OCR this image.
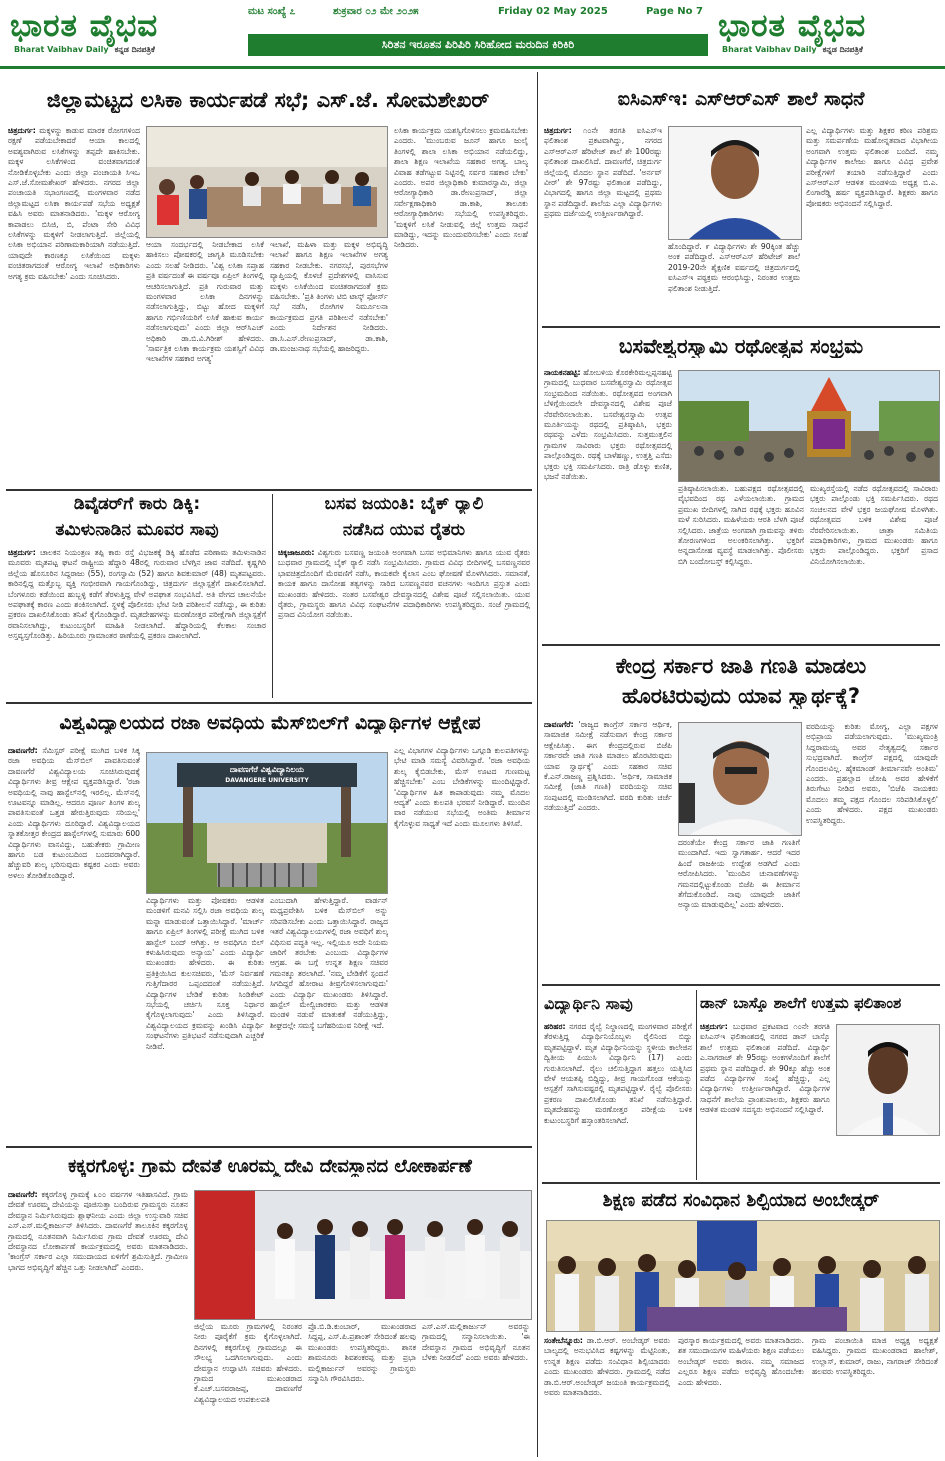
ಭಾರತ ವೈಭವ
Bharat Vaibhav Daily ಕನ್ನಡ ದಿನಪತ್ರಿಕೆ
ಮಟ ಸಂಖ್ಯೆ ೭	ಶುಕ್ರವಾರ ೦೨ ಮೇ ೨೦೨೫	Friday 02 May 2025	Page No 7
ಸಿರಿತನ ಇರೂತನ ಪಿರಿಪಿರಿ ಸಿರಿಹೋದ ಮರುದಿನ ಕಿರಿಕಿರಿ
ಭಾರತ ವೈಭವ
Bharat Vaibhav Daily ಕನ್ನಡ ದಿನಪತ್ರಿಕೆ
ಜಿಲ್ಲಾಮಟ್ಟದ ಲಸಿಕಾ ಕಾರ್ಯಪಡೆ ಸಭೆ; ಎಸ್.ಜೆ. ಸೋಮಶೇಖರ್
ಚಿತ್ರದುರ್ಗ: ಮಕ್ಕಳನ್ನು ಕಾಡುವ ಮಾರಕ ರೋಗಗಳಿಂದ ರಕ್ಷಣೆ ಪಡೆಯಬೇಕಾದರೆ ಆಯಾ ಕಾಲದಲ್ಲಿ ಅವಶ್ಯವಾಗಿರುವ ಲಸಿಕೆಗಳನ್ನು ತಪ್ಪದೇ ಹಾಕಿಸಬೇಕು. ಮಕ್ಕಳ ಲಸಿಕೆಗಳಿಂದ ವಂಚಿತವಾಗದಂತೆ ನೋಡಿಕೊಳ್ಳಬೇಕು ಎಂದು ಜಿಲ್ಲಾ ಪಂಚಾಯತಿ ಸಿಇಒ ಎಸ್.ಜೆ.ಸೋಮಶೇಖರ್ ಹೇಳಿದರು. ನಗರದ ಜಿಲ್ಲಾ ಪಂಚಾಯತಿ ಸಭಾಂಗಣದಲ್ಲಿ ಮಂಗಳವಾರ ನಡೆದ ಜಿಲ್ಲಾಮಟ್ಟದ ಲಸಿಕಾ ಕಾರ್ಯಪಡೆ ಸಭೆಯ ಅಧ್ಯಕ್ಷತೆ ವಹಿಸಿ ಅವರು ಮಾತನಾಡಿದರು. 'ಮಕ್ಕಳ ಆರೋಗ್ಯ ಕಾಪಾಡಲು ಬಿಸಿಜಿ, ಬಿ, ಪೆಂಟಾ ಸೇರಿ ವಿವಿಧ ಲಸಿಕೆಗಳನ್ನು ಮಕ್ಕಳಿಗೆ ನೀಡಲಾಗುತ್ತಿದೆ. ಜಿಲ್ಲೆಯಲ್ಲಿ ಲಸಿಕಾ ಅಭಿಯಾನ ಪರಿಣಾಮಕಾರಿಯಾಗಿ ನಡೆಯುತ್ತಿದೆ. ಯಾವುದೇ ಕಾರಣಕ್ಕೂ ಲಸಿಕೆಯಿಂದ ಮಕ್ಕಳು ವಂಚಿತರಾಗದಂತೆ ಆರೋಗ್ಯ ಇಲಾಖೆ ಅಧಿಕಾರಿಗಳು ಅಗತ್ಯ ಕ್ರಮ ವಹಿಸಬೇಕು' ಎಂದು ಸೂಚಿಸಿದರು.
ಆಯಾ ಸಂದರ್ಭದಲ್ಲಿ ನೀಡಬೇಕಾದ ಲಸಿಕೆ ಹಾಕಿಸಲು ಪೋಷಕರಲ್ಲಿ ಜಾಗೃತಿ ಮೂಡಿಸಬೇಕು ಎಂದು ಸಲಹೆ ನೀಡಿದರು. 'ವಿಶ್ವ ಲಸಿಕಾ ಸಪ್ತಾಹ ಪ್ರತಿ ವರ್ಷದಂತೆ ಈ ವರ್ಷವೂ ಏಪ್ರಿಲ್ ತಿಂಗಳಲ್ಲಿ ಆಚರಿಸಲಾಗುತ್ತಿದೆ. ಪ್ರತಿ ಗುರುವಾರ ಮತ್ತು ಮಂಗಳವಾರ ಲಸಿಕಾ ದಿನಗಳನ್ನು ನಡೆಸಲಾಗುತ್ತಿದ್ದು, ಬಿಟ್ಟು ಹೋದ ಮಕ್ಕಳಿಗೆ ಹಾಗೂ ಗರ್ಭಿಣಿಯರಿಗೆ ಲಸಿಕೆ ಹಾಕುವ ಕಾರ್ಯ ನಡೆಸಲಾಗುವುದು' ಎಂದು ಜಿಲ್ಲಾ ಆರ್‌ಸಿಎಚ್ ಅಧಿಕಾರಿ ಡಾ.ಬಿ.ವಿ.ಗಿರೀಶ್ ಹೇಳಿದರು. 'ಸಾರ್ವತ್ರಿಕ ಲಸಿಕಾ ಕಾರ್ಯಕ್ರಮ ಯಶಸ್ವಿಗೆ ವಿವಿಧ ಇಲಾಖೆಗಳ ಸಹಕಾರ ಅಗತ್ಯ'
ಇಲಾಖೆ, ಮಹಿಳಾ ಮತ್ತು ಮಕ್ಕಳ ಅಭಿವೃದ್ಧಿ ಇಲಾಖೆ ಹಾಗೂ ಶಿಕ್ಷಣ ಇಲಾಖೆಗಳ ಅಗತ್ಯ ಸಹಕಾರ ನೀಡಬೇಕು. ನಗರಸಭೆ, ಪುರಸಭೆಗಳ ವ್ಯಾಪ್ತಿಯಲ್ಲಿ ಕೊಳಚೆ ಪ್ರದೇಶಗಳಲ್ಲಿ ವಾಸಿಸುವ ಮಕ್ಕಳು ಲಸಿಕೆಯಿಂದ ವಂಚಿತರಾಗದಂತೆ ಕ್ರಮ ವಹಿಸಬೇಕು. 'ಪ್ರತಿ ತಿಂಗಳು ಟಿಬಿ ಟಾಸ್ಕ್ ಫೋರ್ಸ್ ಸಭೆ ನಡೆಸಿ, ರೋಗಿಗಳ ನಿರ್ಮೂಲನಾ ಕಾರ್ಯಕ್ರಮದ ಪ್ರಗತಿ ಪರಿಶೀಲನೆ ನಡೆಸಬೇಕು' ಎಂದು ನಿರ್ದೇಶನ ನೀಡಿದರು. ಡಾ.ಸಿ.ಎಸ್.ರೇಣುಪ್ರಸಾದ್, ಡಾ.ಕಾಶಿ, ಡಾ.ಮಂಜುನಾಥ ಸಭೆಯಲ್ಲಿ ಹಾಜರಿದ್ದರು.
ಲಸಿಕಾ ಕಾರ್ಯಕ್ರಮ ಯಶಸ್ವಿಗೊಳಿಸಲು ಕ್ರಮವಹಿಸಬೇಕು ಎಂದರು. 'ಮುಂಬರುವ ಜೂನ್ ಹಾಗೂ ಜುಲೈ ತಿಂಗಳಲ್ಲಿ ಶಾಲಾ ಲಸಿಕಾ ಅಭಿಯಾನ ನಡೆಯಲಿದ್ದು, ಶಾಲಾ ಶಿಕ್ಷಣ ಇಲಾಖೆಯ ಸಹಕಾರ ಅಗತ್ಯ. ಬಾಲ್ಯ ವಿವಾಹ ತಡೆಗಟ್ಟುವ ನಿಟ್ಟಿನಲ್ಲಿ ಸರ್ವರ ಸಹಕಾರ ಬೇಕು' ಎಂದರು. ಅಪರ ಜಿಲ್ಲಾಧಿಕಾರಿ ಕುಮಾರಸ್ವಾಮಿ, ಜಿಲ್ಲಾ ಆರೋಗ್ಯಾಧಿಕಾರಿ ಡಾ.ರೇಣುಪ್ರಸಾದ್, ಜಿಲ್ಲಾ ಸರ್ವೇಕ್ಷಣಾಧಿಕಾರಿ ಡಾ.ಕಾಶಿ, ತಾಲೂಕು ಆರೋಗ್ಯಾಧಿಕಾರಿಗಳು ಸಭೆಯಲ್ಲಿ ಉಪಸ್ಥಿತರಿದ್ದರು. 'ಮಕ್ಕಳಿಗೆ ಲಸಿಕೆ ನೀಡುವಲ್ಲಿ ಜಿಲ್ಲೆ ಉತ್ತಮ ಸಾಧನೆ ಮಾಡಿದ್ದು, ಇದನ್ನು ಮುಂದುವರಿಸಬೇಕು' ಎಂದು ಸಲಹೆ ನೀಡಿದರು.
ಡಿವೈಡರ್‌ಗೆ ಕಾರು ಡಿಕ್ಕಿ:
ತಮಿಳುನಾಡಿನ ಮೂವರ ಸಾವು
ಚಿತ್ರದುರ್ಗ: ಚಾಲಕನ ನಿಯಂತ್ರಣ ತಪ್ಪಿ ಕಾರು ರಸ್ತೆ ವಿಭಜಕಕ್ಕೆ ಡಿಕ್ಕಿ ಹೊಡೆದ ಪರಿಣಾಮ ತಮಿಳುನಾಡಿನ ಮೂವರು ಮೃತಪಟ್ಟ ಘಟನೆ ರಾಷ್ಟ್ರೀಯ ಹೆದ್ದಾರಿ 48ರಲ್ಲಿ ಗುರುವಾರ ಬೆಳಗ್ಗಿನ ಜಾವ ನಡೆದಿದೆ. ಕೃಷ್ಣಗಿರಿ ಜಿಲ್ಲೆಯ ಹೊಸೂರಿನ ಸಿದ್ದರಾಜು (55), ರಂಗಸ್ವಾಮಿ (52) ಹಾಗೂ ಶಿವಕುಮಾರ್ (48) ಮೃತಪಟ್ಟವರು. ಕಾರಿನಲ್ಲಿದ್ದ ಮತ್ತೊಬ್ಬ ವ್ಯಕ್ತಿ ಗಂಭೀರವಾಗಿ ಗಾಯಗೊಂಡಿದ್ದು, ಚಿತ್ರದುರ್ಗ ಜಿಲ್ಲಾಸ್ಪತ್ರೆಗೆ ದಾಖಲಿಸಲಾಗಿದೆ. ಬೆಂಗಳೂರು ಕಡೆಯಿಂದ ಹುಬ್ಬಳ್ಳಿ ಕಡೆಗೆ ತೆರಳುತ್ತಿದ್ದ ವೇಳೆ ಅಪಘಾತ ಸಂಭವಿಸಿದೆ. ಅತಿ ವೇಗದ ಚಾಲನೆಯೇ ಅಪಘಾತಕ್ಕೆ ಕಾರಣ ಎಂದು ಶಂಕಿಸಲಾಗಿದೆ. ಸ್ಥಳಕ್ಕೆ ಪೊಲೀಸರು ಭೇಟಿ ನೀಡಿ ಪರಿಶೀಲನೆ ನಡೆಸಿದ್ದು, ಈ ಕುರಿತು ಪ್ರಕರಣ ದಾಖಲಿಸಿಕೊಂಡು ತನಿಖೆ ಕೈಗೊಂಡಿದ್ದಾರೆ. ಮೃತದೇಹಗಳನ್ನು ಮರಣೋತ್ತರ ಪರೀಕ್ಷೆಗಾಗಿ ಜಿಲ್ಲಾಸ್ಪತ್ರೆಗೆ ರವಾನಿಸಲಾಗಿದ್ದು, ಕುಟುಂಬಸ್ಥರಿಗೆ ಮಾಹಿತಿ ನೀಡಲಾಗಿದೆ. ಹೆದ್ದಾರಿಯಲ್ಲಿ ಕೆಲಕಾಲ ಸಂಚಾರ ಅಸ್ತವ್ಯಸ್ತಗೊಂಡಿತ್ತು. ಹಿರಿಯೂರು ಗ್ರಾಮಾಂತರ ಠಾಣೆಯಲ್ಲಿ ಪ್ರಕರಣ ದಾಖಲಾಗಿದೆ.
ಬಸವ ಜಯಂತಿ: ಬೈಕ್ ರ್‍ಯಾಲಿ
ನಡೆಸಿದ ಯುವ ರೈತರು
ಚಿಕ್ಕಜಾಜೂರು: ವಿಶ್ವಗುರು ಬಸವಣ್ಣ ಜಯಂತಿ ಅಂಗವಾಗಿ ಬಸವ ಅಭಿಮಾನಿಗಳು ಹಾಗೂ ಯುವ ರೈತರು ಬುಧವಾರ ಗ್ರಾಮದಲ್ಲಿ ಬೈಕ್ ರ್‍ಯಾಲಿ ನಡೆಸಿ ಸಂಭ್ರಮಿಸಿದರು. ಗ್ರಾಮದ ವಿವಿಧ ಬೀದಿಗಳಲ್ಲಿ ಬಸವಣ್ಣನವರ ಭಾವಚಿತ್ರದೊಂದಿಗೆ ಮೆರವಣಿಗೆ ನಡೆಸಿ, ಕಾಯಕವೇ ಕೈಲಾಸ ಎಂಬ ಘೋಷಣೆ ಮೊಳಗಿಸಿದರು. ಸಮಾನತೆ, ಕಾಯಕ ಹಾಗೂ ದಾಸೋಹ ತತ್ವಗಳನ್ನು ಸಾರಿದ ಬಸವಣ್ಣನವರ ವಚನಗಳು ಇಂದಿಗೂ ಪ್ರಸ್ತುತ ಎಂದು ಮುಖಂಡರು ಹೇಳಿದರು. ನಂತರ ಬಸವೇಶ್ವರ ದೇವಸ್ಥಾನದಲ್ಲಿ ವಿಶೇಷ ಪೂಜೆ ಸಲ್ಲಿಸಲಾಯಿತು. ಯುವ ರೈತರು, ಗ್ರಾಮಸ್ಥರು ಹಾಗೂ ವಿವಿಧ ಸಂಘಟನೆಗಳ ಪದಾಧಿಕಾರಿಗಳು ಉಪಸ್ಥಿತರಿದ್ದರು. ಸಂಜೆ ಗ್ರಾಮದಲ್ಲಿ ಪ್ರಸಾದ ವಿನಿಯೋಗ ನಡೆಯಿತು.
ವಿಶ್ವವಿದ್ಯಾಲಯದ ರಜಾ ಅವಧಿಯ ಮೆಸ್‌ಬಿಲ್‌ಗೆ ವಿದ್ಯಾರ್ಥಿಗಳ ಆಕ್ಷೇಪ
ದಾವಣಗೆರೆ: ಸೆಮಿಸ್ಟರ್ ಪರೀಕ್ಷೆ ಮುಗಿದ ಬಳಿಕ ಸಿಕ್ಕ ರಜಾ ಅವಧಿಯ ಮೆಸ್‌ಬಿಲ್ ಪಾವತಿಸುವಂತೆ ದಾವಣಗೆರೆ ವಿಶ್ವವಿದ್ಯಾಲಯ ಸೂಚಿಸಿರುವುದಕ್ಕೆ ವಿದ್ಯಾರ್ಥಿಗಳು ತೀವ್ರ ಆಕ್ಷೇಪ ವ್ಯಕ್ತಪಡಿಸಿದ್ದಾರೆ. 'ರಜಾ ಅವಧಿಯಲ್ಲಿ ನಾವು ಹಾಸ್ಟೆಲ್‌ನಲ್ಲಿ ಇರಲಿಲ್ಲ. ಮೆಸ್‌ನಲ್ಲಿ ಊಟವನ್ನೂ ಮಾಡಿಲ್ಲ. ಆದರೂ ಪೂರ್ಣ ತಿಂಗಳ ಶುಲ್ಕ ಪಾವತಿಸುವಂತೆ ಒತ್ತಡ ಹೇರುತ್ತಿರುವುದು ಸರಿಯಲ್ಲ' ಎಂದು ವಿದ್ಯಾರ್ಥಿಗಳು ದೂರಿದ್ದಾರೆ. ವಿಶ್ವವಿದ್ಯಾಲಯದ ಸ್ನಾತಕೋತ್ತರ ಕೇಂದ್ರದ ಹಾಸ್ಟೆಲ್‌ಗಳಲ್ಲಿ ಸುಮಾರು 600 ವಿದ್ಯಾರ್ಥಿಗಳು ವಾಸವಿದ್ದು, ಬಹುತೇಕರು ಗ್ರಾಮೀಣ ಹಾಗೂ ಬಡ ಕುಟುಂಬದಿಂದ ಬಂದವರಾಗಿದ್ದಾರೆ. ಹೆಚ್ಚುವರಿ ಶುಲ್ಕ ಭರಿಸುವುದು ಕಷ್ಟಕರ ಎಂದು ಅವರು ಅಳಲು ತೋಡಿಕೊಂಡಿದ್ದಾರೆ.
ದಾವಣಗೆರೆ ವಿಶ್ವವಿದ್ಯಾನಿಲಯ
DAVANGERE UNIVERSITY
ವಿದ್ಯಾರ್ಥಿಗಳು ಮತ್ತು ಪೋಷಕರು ಆಡಳಿತ ಮಂಡಳಿಗೆ ಮನವಿ ಸಲ್ಲಿಸಿ ರಜಾ ಅವಧಿಯ ಶುಲ್ಕ ಮನ್ನಾ ಮಾಡುವಂತೆ ಒತ್ತಾಯಿಸಿದ್ದಾರೆ. 'ಮಾರ್ಚ್ ಹಾಗೂ ಏಪ್ರಿಲ್ ತಿಂಗಳಲ್ಲಿ ಪರೀಕ್ಷೆ ಮುಗಿದ ಬಳಿಕ ಹಾಸ್ಟೆಲ್ ಬಂದ್ ಆಗಿತ್ತು. ಆ ಅವಧಿಗೂ ಬಿಲ್ ಕಳುಹಿಸಿರುವುದು ಅನ್ಯಾಯ' ಎಂದು ವಿದ್ಯಾರ್ಥಿ ಮುಖಂಡರು ಹೇಳಿದರು. ಈ ಕುರಿತು ಪ್ರತಿಕ್ರಿಯಿಸಿದ ಕುಲಸಚಿವರು, 'ಮೆಸ್ ನಿರ್ವಹಣೆ ಗುತ್ತಿಗೆದಾರರ ಒಪ್ಪಂದದಂತೆ ನಡೆಯುತ್ತಿದೆ. ವಿದ್ಯಾರ್ಥಿಗಳ ಬೇಡಿಕೆ ಕುರಿತು ಸಿಂಡಿಕೇಟ್ ಸಭೆಯಲ್ಲಿ ಚರ್ಚಿಸಿ ಸೂಕ್ತ ನಿರ್ಧಾರ ಕೈಗೊಳ್ಳಲಾಗುವುದು' ಎಂದು ತಿಳಿಸಿದ್ದಾರೆ. ವಿಶ್ವವಿದ್ಯಾಲಯದ ಕ್ರಮವನ್ನು ಖಂಡಿಸಿ ವಿದ್ಯಾರ್ಥಿ ಸಂಘಟನೆಗಳು ಪ್ರತಿಭಟನೆ ನಡೆಸುವುದಾಗಿ ಎಚ್ಚರಿಕೆ ನೀಡಿವೆ.
ಎಂಬುದಾಗಿ ಹೇಳುತ್ತಿದ್ದಾರೆ. ವಾರ್ಡನ್ ಮಧ್ಯಪ್ರವೇಶಿಸಿ ಬಳಿಕ ಮೆಸ್‌ಬಿಲ್ ಅನ್ನು ಸರಿಪಡಿಸಬೇಕು ಎಂದು ಒತ್ತಾಯಿಸಿದ್ದಾರೆ. ರಾಜ್ಯದ ಇತರೆ ವಿಶ್ವವಿದ್ಯಾಲಯಗಳಲ್ಲಿ ರಜಾ ಅವಧಿಗೆ ಶುಲ್ಕ ವಿಧಿಸುವ ಪದ್ಧತಿ ಇಲ್ಲ. ಇಲ್ಲಿಯೂ ಅದೇ ನಿಯಮ ಜಾರಿಗೆ ತರಬೇಕು ಎಂಬುದು ವಿದ್ಯಾರ್ಥಿಗಳ ಆಗ್ರಹ. ಈ ಬಗ್ಗೆ ಉನ್ನತ ಶಿಕ್ಷಣ ಸಚಿವರ ಗಮನಕ್ಕೂ ತರಲಾಗಿದೆ. 'ನಮ್ಮ ಬೇಡಿಕೆಗೆ ಸ್ಪಂದನೆ ಸಿಗದಿದ್ದರೆ ಹೋರಾಟ ತೀವ್ರಗೊಳಿಸಲಾಗುವುದು' ಎಂದು ವಿದ್ಯಾರ್ಥಿ ಮುಖಂಡರು ತಿಳಿಸಿದ್ದಾರೆ. ಹಾಸ್ಟೆಲ್ ಮೇಲ್ವಿಚಾರಕರು ಮತ್ತು ಆಡಳಿತ ಮಂಡಳಿ ನಡುವೆ ಮಾತುಕತೆ ನಡೆಯುತ್ತಿದ್ದು, ಶೀಘ್ರದಲ್ಲೇ ಸಮಸ್ಯೆ ಬಗೆಹರಿಯುವ ನಿರೀಕ್ಷೆ ಇದೆ.
ಎಲ್ಲ ವಿಭಾಗಗಳ ವಿದ್ಯಾರ್ಥಿಗಳು ಒಗ್ಗೂಡಿ ಕುಲಪತಿಗಳನ್ನು ಭೇಟಿ ಮಾಡಿ ಸಮಸ್ಯೆ ವಿವರಿಸಿದ್ದಾರೆ. 'ರಜಾ ಅವಧಿಯ ಶುಲ್ಕ ಕೈಬಿಡಬೇಕು, ಮೆಸ್ ಊಟದ ಗುಣಮಟ್ಟ ಹೆಚ್ಚಿಸಬೇಕು' ಎಂಬ ಬೇಡಿಕೆಗಳನ್ನು ಮುಂದಿಟ್ಟಿದ್ದಾರೆ. 'ವಿದ್ಯಾರ್ಥಿಗಳ ಹಿತ ಕಾಪಾಡುವುದು ನಮ್ಮ ಮೊದಲ ಆದ್ಯತೆ' ಎಂದು ಕುಲಪತಿ ಭರವಸೆ ನೀಡಿದ್ದಾರೆ. ಮುಂದಿನ ವಾರ ನಡೆಯುವ ಸಭೆಯಲ್ಲಿ ಅಂತಿಮ ತೀರ್ಮಾನ ಕೈಗೊಳ್ಳುವ ಸಾಧ್ಯತೆ ಇದೆ ಎಂದು ಮೂಲಗಳು ತಿಳಿಸಿವೆ.
ಕಕ್ಕರಗೊಳ್ಳ: ಗ್ರಾಮ ದೇವತೆ ಊರಮ್ಮ ದೇವಿ ದೇವಸ್ಥಾನದ ಲೋಕಾರ್ಪಣೆ
ದಾವಣಗೆರೆ: ಕಕ್ಕರಗೊಳ್ಳ ಗ್ರಾಮಕ್ಕೆ ೩೦೦ ವರ್ಷಗಳ ಇತಿಹಾಸವಿದೆ. ಗ್ರಾಮ ದೇವತೆ ಊರಮ್ಮ ದೇವಿಯನ್ನು ಪೂಜಿಸುತ್ತಾ ಬಂದಿರುವ ಗ್ರಾಮಸ್ಥರು ನೂತನ ದೇವಸ್ಥಾನ ನಿರ್ಮಿಸಿರುವುದು ಶ್ಲಾಘನೀಯ ಎಂದು ಜಿಲ್ಲಾ ಉಸ್ತುವಾರಿ ಸಚಿವ ಎಸ್.ಎಸ್.ಮಲ್ಲಿಕಾರ್ಜುನ್ ತಿಳಿಸಿದರು. ದಾವಣಗೆರೆ ತಾಲೂಕಿನ ಕಕ್ಕರಗೊಳ್ಳ ಗ್ರಾಮದಲ್ಲಿ ನೂತನವಾಗಿ ನಿರ್ಮಿಸಿರುವ ಗ್ರಾಮ ದೇವತೆ ಊರಮ್ಮ ದೇವಿ ದೇವಸ್ಥಾನದ ಲೋಕಾರ್ಪಣೆ ಕಾರ್ಯಕ್ರಮದಲ್ಲಿ ಅವರು ಮಾತನಾಡಿದರು. 'ಕಾಂಗ್ರೆಸ್ ಸರ್ಕಾರ ಎಲ್ಲಾ ಸಮುದಾಯದ ಏಳಿಗೆಗೆ ಶ್ರಮಿಸುತ್ತಿದೆ. ಗ್ರಾಮೀಣ ಭಾಗದ ಅಭಿವೃದ್ಧಿಗೆ ಹೆಚ್ಚಿನ ಒತ್ತು ನೀಡಲಾಗಿದೆ' ಎಂದರು.
ಜಿಲ್ಲೆಯ ಮೂರು ಗ್ರಾಮಗಳಲ್ಲಿ ನಿರಂತರ ನೀರು ಪೂರೈಕೆಗೆ ಕ್ರಮ ಕೈಗೊಳ್ಳಲಾಗಿದೆ. ದಿನಗಳಲ್ಲಿ ಕಕ್ಕರಗೊಳ್ಳ ಗ್ರಾಮದಲ್ಲೂ ಈ ಸೌಲಭ್ಯ ಒದಗಿಸಲಾಗುವುದು. ಎಂದು ದೇವಸ್ಥಾನ ಉದ್ಘಾಟಿಸಿ ಸಚಿವರು ಹೇಳಿದರು. ಗ್ರಾಮದ ಮುಖಂಡರಾದ ಕೆ.ಎಚ್.ಬಸವರಾಜಪ್ಪ, ದಾವಣಗೆರೆ ವಿಶ್ವವಿದ್ಯಾಲಯದ ಉಪಕುಲಪತಿ
ಪ್ರೊ.ಬಿ.ಡಿ.ಕುಂಬಾರ್, ಮುಖಂಡರಾದ ಸಿದ್ದಪ್ಪ, ಎಸ್.ಪಿ.ಪ್ರಶಾಂತ್ ಸೇರಿದಂತೆ ಹಲವು ಮುಖಂಡರು ಉಪಸ್ಥಿತರಿದ್ದರು. ಶಾಸಕ ಶಾಮನೂರು ಶಿವಶಂಕರಪ್ಪ ಮತ್ತು ಪ್ರಭಾ ಮಲ್ಲಿಕಾರ್ಜುನ್ ಅವರನ್ನು ಗ್ರಾಮಸ್ಥರು ಸನ್ಮಾನಿಸಿ ಗೌರವಿಸಿದರು.
ಎಸ್.ಎಸ್.ಮಲ್ಲಿಕಾರ್ಜುನ್ ಅವರನ್ನು ಗ್ರಾಮದಲ್ಲಿ ಸನ್ಮಾನಿಸಲಾಯಿತು. 'ಈ ದೇವಸ್ಥಾನ ಗ್ರಾಮದ ಅಭಿವೃದ್ಧಿಗೆ ನೂತನ ಬೆಳಕು ನೀಡಲಿದೆ' ಎಂದು ಅವರು ಹೇಳಿದರು.
ಐಸಿಎಸ್‌ಇ: ಎಸ್‌ಆರ್‌ಎಸ್ ಶಾಲೆ ಸಾಧನೆ
ಚಿತ್ರದುರ್ಗ: ೧೦ನೇ ತರಗತಿ ಐಸಿಎಸ್‌ಇ ಫಲಿತಾಂಶ ಪ್ರಕಟವಾಗಿದ್ದು, ನಗರದ ಎಸ್‌ಆರ್‌ಎಸ್ ಹೆರಿಟೇಜ್ ಶಾಲೆ ಶೇ 100ರಷ್ಟು ಫಲಿತಾಂಶ ದಾಖಲಿಸಿದೆ. ದಾವಣಗೆರೆ, ಚಿತ್ರದುರ್ಗ ಜಿಲ್ಲೆಯಲ್ಲಿ ಮೊದಲ ಸ್ಥಾನ ಪಡೆದಿದೆ. 'ಅರ್ನವ್ ವೀರ್' ಶೇ 97ರಷ್ಟು ಫಲಿತಾಂಶ ಪಡೆದಿದ್ದು, ವಿಭಾಗದಲ್ಲಿ ಹಾಗೂ ಜಿಲ್ಲಾ ಮಟ್ಟದಲ್ಲಿ ಪ್ರಥಮ ಸ್ಥಾನ ಪಡೆದಿದ್ದಾರೆ. ಶಾಲೆಯ ಎಲ್ಲಾ ವಿದ್ಯಾರ್ಥಿಗಳು ಪ್ರಥಮ ದರ್ಜೆಯಲ್ಲಿ ಉತ್ತೀರ್ಣರಾಗಿದ್ದಾರೆ.
ಹೊಂದಿದ್ದಾರೆ. ೯ ವಿದ್ಯಾರ್ಥಿಗಳು ಶೇ 90ಕ್ಕಿಂತ ಹೆಚ್ಚು ಅಂಕ ಪಡೆದಿದ್ದಾರೆ. ಎಸ್‌ಆರ್‌ಎಸ್ ಹೆರಿಟೇಜ್ ಶಾಲೆ 2019-20ನೇ ಶೈಕ್ಷಣಿಕ ವರ್ಷದಲ್ಲಿ ಚಿತ್ರದುರ್ಗದಲ್ಲಿ ಐಸಿಎಸ್‌ಇ ಪಠ್ಯಕ್ರಮ ಆರಂಭಿಸಿದ್ದು, ನಿರಂತರ ಉತ್ತಮ ಫಲಿತಾಂಶ ನೀಡುತ್ತಿದೆ.
ಎಲ್ಲ ವಿದ್ಯಾರ್ಥಿಗಳು ಮತ್ತು ಶಿಕ್ಷಕರ ಕಠಿಣ ಪರಿಶ್ರಮ ಮತ್ತು ಸಮರ್ಪಣೆಯ ಮಹೋನ್ನತವಾದ ವಿಭಾಗೀಯ ಅಂಗವಾಗಿ ಉತ್ತಮ ಫಲಿತಾಂಶ ಬಂದಿದೆ. ನಮ್ಮ ವಿದ್ಯಾರ್ಥಿಗಳ ಕಾಲೇಜು ಹಾಗೂ ವಿವಿಧ ಪ್ರವೇಶ ಪರೀಕ್ಷೆಗಳಿಗೆ ತಯಾರಿ ನಡೆಸುತ್ತಿದ್ದಾರೆ ಎಂದು ಎಸ್‌ಆರ್‌ಎಸ್ ಆಡಳಿತ ಮಂಡಳಿಯ ಅಧ್ಯಕ್ಷ ಬಿ.ಎ. ಲಿಂಗಾರೆಡ್ಡಿ ಹರ್ಷ ವ್ಯಕ್ತಪಡಿಸಿದ್ದಾರೆ. ಶಿಕ್ಷಕರು ಹಾಗೂ ಪೋಷಕರು ಅಭಿನಂದನೆ ಸಲ್ಲಿಸಿದ್ದಾರೆ.
ಬಸವೇಶ್ವರಸ್ವಾಮಿ ರಥೋತ್ಸವ ಸಂಭ್ರಮ
ನಾಯಕನಹಟ್ಟಿ: ಹೋಬಳಿಯ ಕೊರಕೇರಿಮಲ್ಲಪ್ಪನಹಟ್ಟಿ ಗ್ರಾಮದಲ್ಲಿ ಬುಧವಾರ ಬಸವೇಶ್ವರಸ್ವಾಮಿ ರಥೋತ್ಸವ ಸಂಭ್ರಮದಿಂದ ನಡೆಯಿತು. ರಥೋತ್ಸವದ ಅಂಗವಾಗಿ ಬೆಳಿಗ್ಗೆಯಿಂದಲೇ ದೇವಸ್ಥಾನದಲ್ಲಿ ವಿಶೇಷ ಪೂಜೆ ನೆರವೇರಿಸಲಾಯಿತು. ಬಸವೇಶ್ವರಸ್ವಾಮಿ ಉತ್ಸವ ಮೂರ್ತಿಯನ್ನು ರಥದಲ್ಲಿ ಪ್ರತಿಷ್ಠಾಪಿಸಿ, ಭಕ್ತರು ರಥವನ್ನು ಎಳೆದು ಸಂಭ್ರಮಿಸಿದರು. ಸುತ್ತಮುತ್ತಲಿನ ಗ್ರಾಮಗಳ ಸಾವಿರಾರು ಭಕ್ತರು ರಥೋತ್ಸವದಲ್ಲಿ ಪಾಲ್ಗೊಂಡಿದ್ದರು. ರಥಕ್ಕೆ ಬಾಳೆಹಣ್ಣು, ಉತ್ತತ್ತಿ ಎಸೆದು ಭಕ್ತರು ಭಕ್ತಿ ಸಮರ್ಪಿಸಿದರು. ರಾತ್ರಿ ಡೊಳ್ಳು ಕುಣಿತ, ಭಜನೆ ನಡೆಯಿತು.
ಪ್ರತಿಷ್ಠಾಪಿಸಲಾಯಿತು. ಬಹುಪಕ್ಷದ ರಥೋತ್ಸವದಲ್ಲಿ ವೈಭವದಿಂದ ರಥ ಎಳೆಯಲಾಯಿತು. ಗ್ರಾಮದ ಪ್ರಮುಖ ಬೀದಿಗಳಲ್ಲಿ ಸಾಗಿದ ರಥಕ್ಕೆ ಭಕ್ತರು ಹೂವಿನ ಮಳೆ ಸುರಿಸಿದರು. ಮಹಿಳೆಯರು ಆರತಿ ಬೆಳಗಿ ಪೂಜೆ ಸಲ್ಲಿಸಿದರು. ಜಾತ್ರೆಯ ಅಂಗವಾಗಿ ಗ್ರಾಮವನ್ನು ತಳಿರು ತೋರಣಗಳಿಂದ ಅಲಂಕರಿಸಲಾಗಿತ್ತು. ಭಕ್ತರಿಗೆ ಅನ್ನದಾಸೋಹ ವ್ಯವಸ್ಥೆ ಮಾಡಲಾಗಿತ್ತು. ಪೊಲೀಸರು ಬಿಗಿ ಬಂದೋಬಸ್ತ್ ಕಲ್ಪಿಸಿದ್ದರು.
ಮುಖ್ಯರಸ್ತೆಯಲ್ಲಿ ನಡೆದ ರಥೋತ್ಸವದಲ್ಲಿ ಸಾವಿರಾರು ಭಕ್ತರು ಪಾಲ್ಗೊಂಡು ಭಕ್ತಿ ಸಮರ್ಪಿಸಿದರು. ರಥದ ಸಂಚಲನದ ವೇಳೆ ಭಕ್ತರ ಜಯಘೋಷ ಮೊಳಗಿತು. ರಥೋತ್ಸವದ ಬಳಿಕ ವಿಶೇಷ ಪೂಜೆ ನೆರವೇರಿಸಲಾಯಿತು. ಜಾತ್ರಾ ಸಮಿತಿಯ ಪದಾಧಿಕಾರಿಗಳು, ಗ್ರಾಮದ ಮುಖಂಡರು ಹಾಗೂ ಭಕ್ತರು ಪಾಲ್ಗೊಂಡಿದ್ದರು. ಭಕ್ತರಿಗೆ ಪ್ರಸಾದ ವಿನಿಯೋಗಿಸಲಾಯಿತು.
ಕೇಂದ್ರ ಸರ್ಕಾರ ಜಾತಿ ಗಣತಿ ಮಾಡಲು
ಹೊರಟಿರುವುದು ಯಾವ ಸ್ವಾರ್ಥಕ್ಕೆ?
ದಾವಣಗೆರೆ: 'ರಾಜ್ಯದ ಕಾಂಗ್ರೆಸ್ ಸರ್ಕಾರ ಆರ್ಥಿಕ, ಸಾಮಾಜಿಕ ಸಮೀಕ್ಷೆ ನಡೆಸುವಾಗ ಕೇಂದ್ರ ಸರ್ಕಾರ ಆಕ್ಷೇಪಿಸಿತ್ತು. ಈಗ ಕೇಂದ್ರದಲ್ಲಿರುವ ಬಿಜೆಪಿ ಸರ್ಕಾರವೇ ಜಾತಿ ಗಣತಿ ಮಾಡಲು ಹೊರಟಿರುವುದು ಯಾವ ಸ್ವಾರ್ಥಕ್ಕೆ' ಎಂದು ಸಹಕಾರ ಸಚಿವ ಕೆ.ಎನ್.ರಾಜಣ್ಣ ಪ್ರಶ್ನಿಸಿದರು. 'ಅರ್ಥಿಕ, ಸಾಮಾಜಿಕ ಸಮೀಕ್ಷೆ (ಜಾತಿ ಗಣತಿ) ವರದಿಯನ್ನು ಸಚಿವ ಸಂಪುಟದಲ್ಲಿ ಮಂಡಿಸಲಾಗಿದೆ. ವರದಿ ಕುರಿತು ಚರ್ಚೆ ನಡೆಯುತ್ತಿದೆ' ಎಂದರು.
ದರಂತೆಯೇ ಕೇಂದ್ರ ಸರ್ಕಾರ ಜಾತಿ ಗಣತಿಗೆ ಮುಂದಾಗಿದೆ. ಇದು ಸ್ವಾಗತಾರ್ಹ. ಆದರೆ ಇದರ ಹಿಂದೆ ರಾಜಕೀಯ ಉದ್ದೇಶ ಅಡಗಿದೆ ಎಂದು ಆರೋಪಿಸಿದರು. 'ಮುಂದಿನ ಚುನಾವಣೆಗಳನ್ನು ಗಮನದಲ್ಲಿಟ್ಟುಕೊಂಡು ಬಿಜೆಪಿ ಈ ತೀರ್ಮಾನ ತೆಗೆದುಕೊಂಡಿದೆ. ನಾವು ಯಾವುದೇ ಜಾತಿಗೆ ಅನ್ಯಾಯ ಮಾಡುವುದಿಲ್ಲ' ಎಂದು ಹೇಳಿದರು.
ವರದಿಯನ್ನು ಕುರಿತು ಮೋಗ್ಯ, ಎಲ್ಲಾ ಪಕ್ಷಗಳ ಅಭಿಪ್ರಾಯ ಪಡೆಯಲಾಗುವುದು. 'ಮುಖ್ಯಮಂತ್ರಿ ಸಿದ್ದರಾಮಯ್ಯ ಅವರ ನೇತೃತ್ವದಲ್ಲಿ ಸರ್ಕಾರ ಸುಭದ್ರವಾಗಿದೆ. ಕಾಂಗ್ರೆಸ್ ಪಕ್ಷದಲ್ಲಿ ಯಾವುದೇ ಗೊಂದಲವಿಲ್ಲ. ಹೈಕಮಾಂಡ್ ತೀರ್ಮಾನವೇ ಅಂತಿಮ' ಎಂದರು. ಪ್ರಹಲ್ಲಾದ ಜೋಷಿ ಅವರ ಹೇಳಿಕೆಗೆ ತಿರುಗೇಟು ನೀಡಿದ ಅವರು, 'ಬಿಜೆಪಿ ನಾಯಕರು ಮೊದಲು ತಮ್ಮ ಪಕ್ಷದ ಗೊಂದಲ ಸರಿಪಡಿಸಿಕೊಳ್ಳಲಿ' ಎಂದು ಹೇಳಿದರು. ಪಕ್ಷದ ಮುಖಂಡರು ಉಪಸ್ಥಿತರಿದ್ದರು.
ವಿದ್ಯಾರ್ಥಿನಿ ಸಾವು
ಹರಿಹರ: ನಗರದ ರೈಲ್ವೆ ನಿಲ್ದಾಣದಲ್ಲಿ ಮಂಗಳವಾರ ಪರೀಕ್ಷೆಗೆ ತೆರಳುತ್ತಿದ್ದ ವಿದ್ಯಾರ್ಥಿನಿಯೊಬ್ಬಳು ರೈಲಿನಿಂದ ಬಿದ್ದು ಮೃತಪಟ್ಟಿದ್ದಾಳೆ. ಮೃತ ವಿದ್ಯಾರ್ಥಿನಿಯನ್ನು ಸ್ಥಳೀಯ ಕಾಲೇಜಿನ ದ್ವಿತೀಯ ಪಿಯುಸಿ ವಿದ್ಯಾರ್ಥಿನಿ (17) ಎಂದು ಗುರುತಿಸಲಾಗಿದೆ. ರೈಲು ಚಲಿಸುತ್ತಿದ್ದಾಗ ಹತ್ತಲು ಯತ್ನಿಸಿದ ವೇಳೆ ಆಯತಪ್ಪಿ ಬಿದ್ದಿದ್ದು, ತೀವ್ರ ಗಾಯಗೊಂಡ ಆಕೆಯನ್ನು ಆಸ್ಪತ್ರೆಗೆ ಸಾಗಿಸುವಷ್ಟರಲ್ಲಿ ಮೃತಪಟ್ಟಿದ್ದಾಳೆ. ರೈಲ್ವೆ ಪೊಲೀಸರು ಪ್ರಕರಣ ದಾಖಲಿಸಿಕೊಂಡು ತನಿಖೆ ನಡೆಸುತ್ತಿದ್ದಾರೆ. ಮೃತದೇಹವನ್ನು ಮರಣೋತ್ತರ ಪರೀಕ್ಷೆಯ ಬಳಿಕ ಕುಟುಂಬಸ್ಥರಿಗೆ ಹಸ್ತಾಂತರಿಸಲಾಗಿದೆ.
ಡಾನ್ ಬಾಸ್ಕೊ ಶಾಲೆಗೆ ಉತ್ತಮ ಫಲಿತಾಂಶ
ಚಿತ್ರದುರ್ಗ: ಬುಧವಾರ ಪ್ರಕಟವಾದ ೧೦ನೇ ತರಗತಿ ಐಸಿಎಸ್‌ಇ ಫಲಿತಾಂಶದಲ್ಲಿ ನಗರದ ಡಾನ್ ಬಾಸ್ಕೊ ಶಾಲೆ ಉತ್ತಮ ಫಲಿತಾಂಶ ಪಡೆದಿದೆ. ವಿದ್ಯಾರ್ಥಿ ಎ.ನಾಗರಾಜ್ ಶೇ 95ರಷ್ಟು ಅಂಕಗಳೊಂದಿಗೆ ಶಾಲೆಗೆ ಪ್ರಥಮ ಸ್ಥಾನ ಪಡೆದಿದ್ದಾರೆ. ಶೇ 90ಕ್ಕೂ ಹೆಚ್ಚು ಅಂಕ ಪಡೆದ ವಿದ್ಯಾರ್ಥಿಗಳ ಸಂಖ್ಯೆ ಹೆಚ್ಚಿದ್ದು, ಎಲ್ಲ ವಿದ್ಯಾರ್ಥಿಗಳು ಉತ್ತೀರ್ಣರಾಗಿದ್ದಾರೆ. ವಿದ್ಯಾರ್ಥಿಗಳ ಸಾಧನೆಗೆ ಶಾಲೆಯ ಪ್ರಾಂಶುಪಾಲರು, ಶಿಕ್ಷಕರು ಹಾಗೂ ಆಡಳಿತ ಮಂಡಳಿ ಸದಸ್ಯರು ಅಭಿನಂದನೆ ಸಲ್ಲಿಸಿದ್ದಾರೆ.
ಶಿಕ್ಷಣ ಪಡೆದ ಸಂವಿಧಾನ ಶಿಲ್ಪಿಯಾದ ಅಂಬೇಡ್ಕರ್
ಸಂತೇಬೆನ್ನೂರು: ಡಾ.ಬಿ.ಆರ್. ಅಂಬೇಡ್ಕರ್ ಅವರು ಬಾಲ್ಯದಲ್ಲಿ ಅನುಭವಿಸಿದ ಕಷ್ಟಗಳನ್ನು ಮೆಟ್ಟಿನಿಂತು, ಉನ್ನತ ಶಿಕ್ಷಣ ಪಡೆದು ಸಂವಿಧಾನ ಶಿಲ್ಪಿಯಾದರು ಎಂದು ಮುಖಂಡರು ಹೇಳಿದರು. ಗ್ರಾಮದಲ್ಲಿ ನಡೆದ ಡಾ.ಬಿ.ಆರ್.ಅಂಬೇಡ್ಕರ್ ಜಯಂತಿ ಕಾರ್ಯಕ್ರಮದಲ್ಲಿ ಅವರು ಮಾತನಾಡಿದರು.
ಪುರಸ್ಕಾರ ಕಾರ್ಯಕ್ರಮದಲ್ಲಿ ಅವರು ಮಾತನಾಡಿದರು. ಶತ ಸಮುದಾಯಗಳ ಮಹಿಳೆಯರು ಶಿಕ್ಷಣ ಪಡೆಯಲು ಅಂಬೇಡ್ಕರ್ ಅವರು ಕಾರಣ. ನಮ್ಮ ಸಮಾಜದ ಎಲ್ಲರೂ ಶಿಕ್ಷಣ ಪಡೆದು ಅಭಿವೃದ್ಧಿ ಹೊಂದಬೇಕು ಎಂದು ಹೇಳಿದರು.
ಗ್ರಾಮ ಪಂಚಾಯಿತಿ ಮಾಜಿ ಅಧ್ಯಕ್ಷ ಅಧ್ಯಕ್ಷತೆ ವಹಿಸಿದ್ದರು. ಗ್ರಾಮದ ಮುಖಂಡರಾದ ಹಾಲೇಶ್, ಉಲ್ಲಾಸ್, ಕುಮಾರ್, ರಾಜು, ನಾಗರಾಜ್ ಸೇರಿದಂತೆ ಹಲವರು ಉಪಸ್ಥಿತರಿದ್ದರು.
